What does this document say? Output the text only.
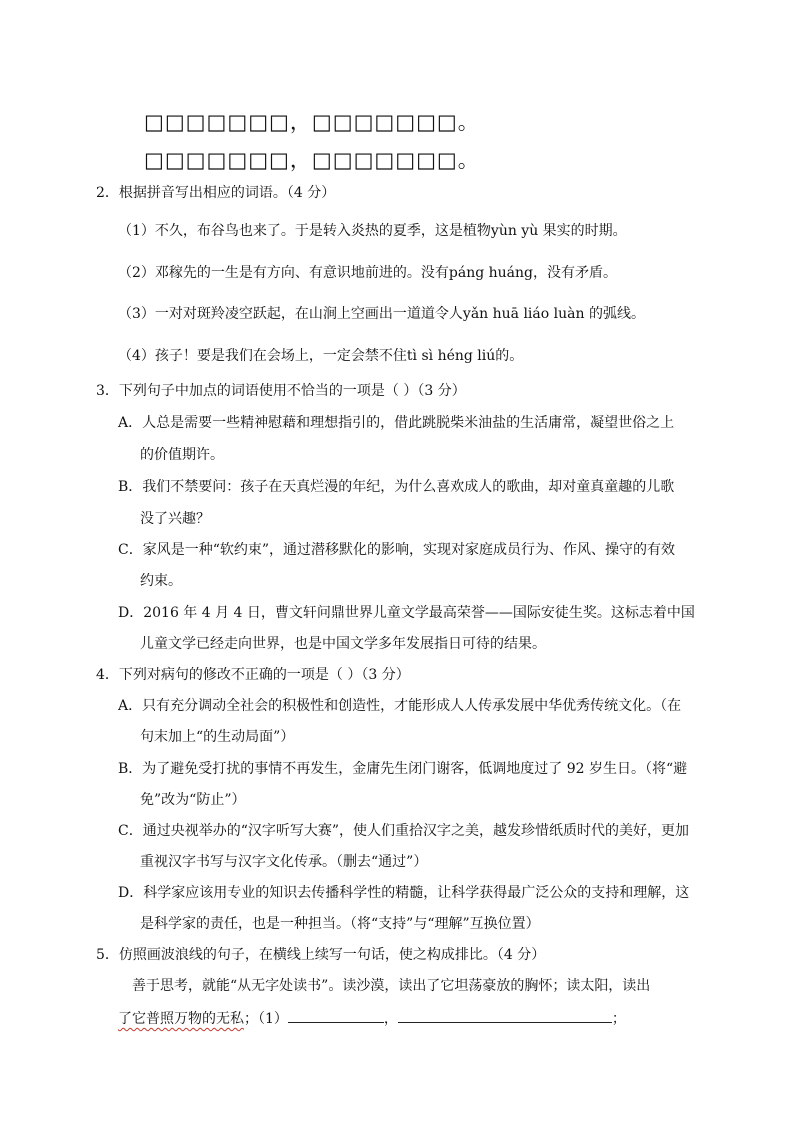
□□□□□□□，□□□□□□□。
□□□□□□□，□□□□□□□。
2．根据拼音写出相应的词语。（4 分）
（1）不久，布谷鸟也来了。于是转入炎热的夏季，这是植物yùn yù 果实的时期。
（2）邓稼先的一生是有方向、有意识地前进的。没有páng huáng，没有矛盾。
（3）一对对斑羚凌空跃起，在山涧上空画出一道道令人yǎn huā liáo luàn 的弧线。
（4）孩子！要是我们在会场上，一定会禁不住tì sì héng liú的。
3．下列句子中加点的词语使用不恰当的一项是（ ）（3 分）
A．人总是需要一些精神慰藉和理想指引的，借此跳脱柴米油盐的生活庸常，凝望世俗之上
的价值期许。
B．我们不禁要问：孩子在天真烂漫的年纪，为什么喜欢成人的歌曲，却对童真童趣的儿歌
没了兴趣？
C．家风是一种“软约束”，通过潜移默化的影响，实现对家庭成员行为、作风、操守的有效
约束。
D．2016 年 4 月 4 日，曹文轩问鼎世界儿童文学最高荣誉——国际安徒生奖。这标志着中国
儿童文学已经走向世界，也是中国文学多年发展指日可待的结果。
4．下列对病句的修改不正确的一项是（ ）（3 分）
A．只有充分调动全社会的积极性和创造性，才能形成人人传承发展中华优秀传统文化。（在
句末加上“的生动局面”）
B．为了避免受打扰的事情不再发生，金庸先生闭门谢客，低调地度过了 92 岁生日。（将“避
免”改为“防止”）
C．通过央视举办的“汉字听写大赛”，使人们重拾汉字之美，越发珍惜纸质时代的美好，更加
重视汉字书写与汉字文化传承。（删去“通过”）
D．科学家应该用专业的知识去传播科学性的精髓，让科学获得最广泛公众的支持和理解，这
是科学家的责任，也是一种担当。（将“支持”与“理解”互换位置）
5．仿照画波浪线的句子，在横线上续写一句话，使之构成排比。（4 分）
善于思考，就能“从无字处读书”。读沙漠，读出了它坦荡豪放的胸怀；读太阳，读出
了它普照万物的无私；（1）	，	；
